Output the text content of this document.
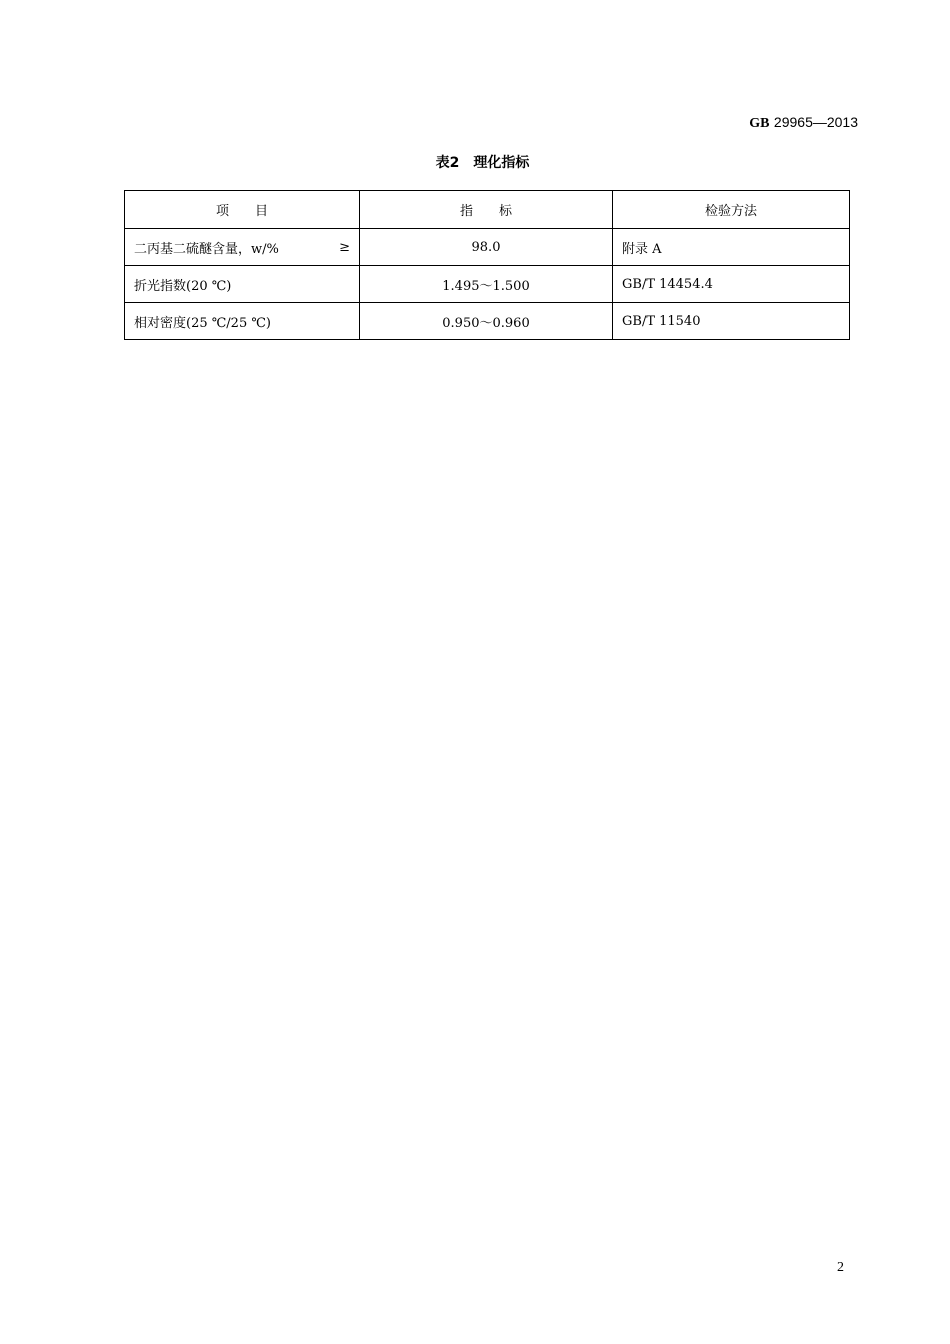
GB 29965—2013
表2　理化指标
项　　目	指　　标	检验方法

二丙基二硫醚含量，w/% ≥	98.0	附录 A

折光指数(20 ℃)	1.495～1.500	GB/T 14454.4

相对密度(25 ℃/25 ℃)	0.950～0.960	GB/T 11540
2
